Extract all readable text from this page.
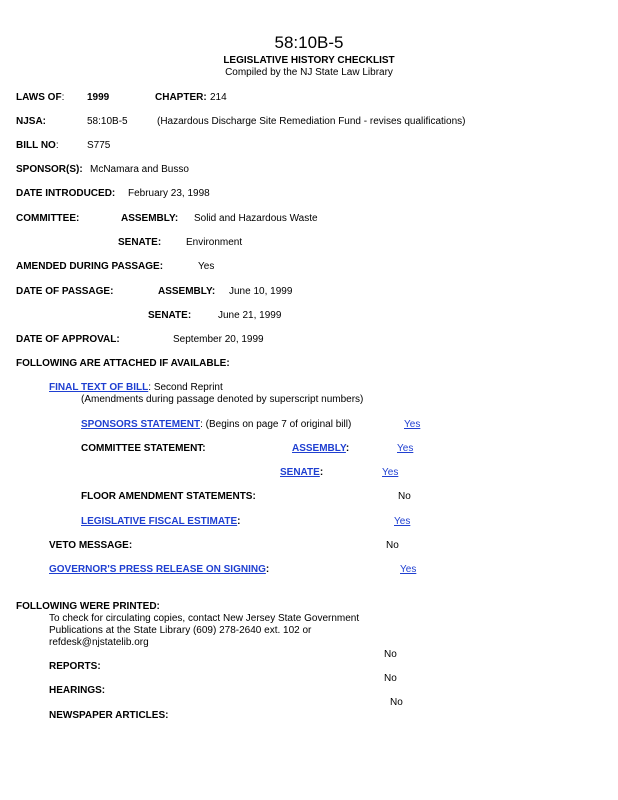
58:10B-5
LEGISLATIVE HISTORY CHECKLIST
Compiled by the NJ State Law Library
LAWS OF: 1999	CHAPTER: 214
NJSA:	58:10B-5	(Hazardous Discharge Site Remediation Fund - revises qualifications)
BILL NO:	S775
SPONSOR(S): McNamara and Busso
DATE INTRODUCED: February 23, 1998
COMMITTEE:	ASSEMBLY: Solid and Hazardous Waste
SENATE: Environment
AMENDED DURING PASSAGE:	Yes
DATE OF PASSAGE:	ASSEMBLY: June 10, 1999
SENATE:	June 21, 1999
DATE OF APPROVAL:	September 20, 1999
FOLLOWING ARE ATTACHED IF AVAILABLE:
FINAL TEXT OF BILL: Second Reprint
(Amendments during passage denoted by superscript numbers)
SPONSORS STATEMENT: (Begins on page 7 of original bill)	Yes
COMMITTEE STATEMENT:	ASSEMBLY:	Yes
SENATE:	Yes
FLOOR AMENDMENT STATEMENTS:	No
LEGISLATIVE FISCAL ESTIMATE:	Yes
VETO MESSAGE:	No
GOVERNOR'S PRESS RELEASE ON SIGNING:	Yes
FOLLOWING WERE PRINTED:
To check for circulating copies, contact New Jersey State Government
Publications at the State Library (609) 278-2640 ext. 102 or
refdesk@njstatelib.org
REPORTS:
No
HEARINGS:
No
NEWSPAPER ARTICLES:
No
